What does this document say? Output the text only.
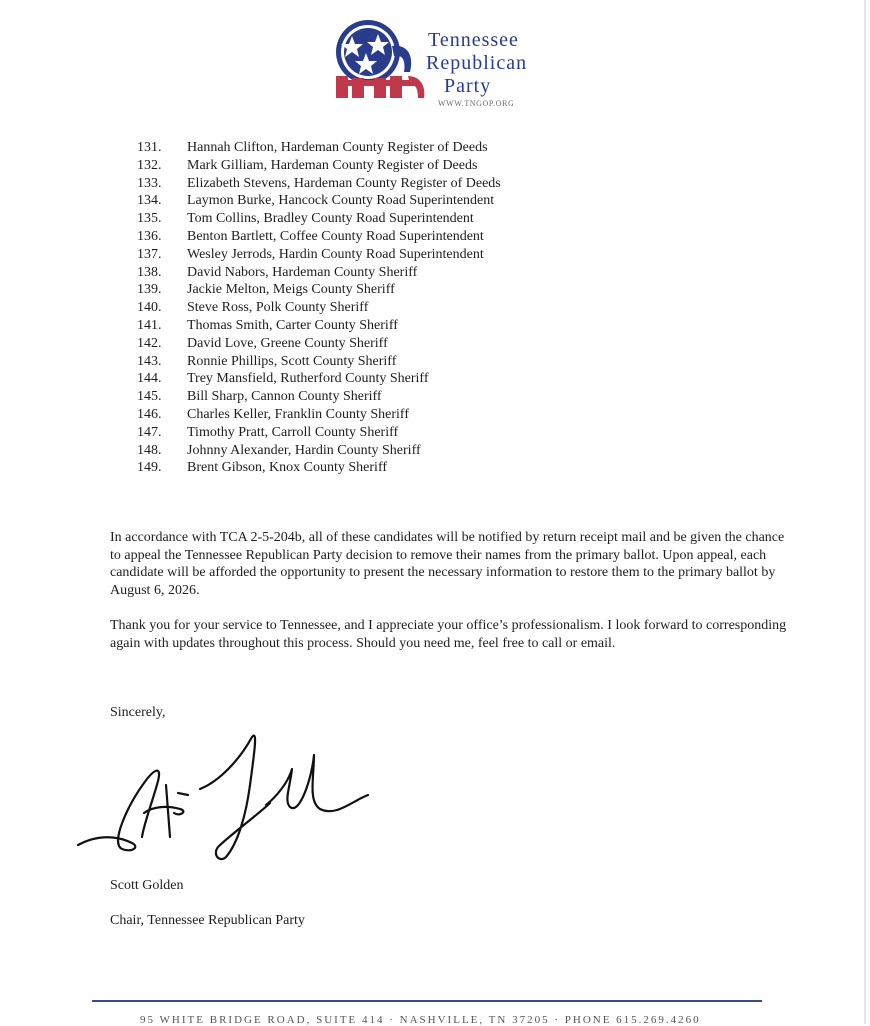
Tennessee
Republican
Party
WWW.TNGOP.ORG
131.	Hannah Clifton, Hardeman County Register of Deeds
132.	Mark Gilliam, Hardeman County Register of Deeds
133.	Elizabeth Stevens, Hardeman County Register of Deeds
134.	Laymon Burke, Hancock County Road Superintendent
135.	Tom Collins, Bradley County Road Superintendent
136.	Benton Bartlett, Coffee County Road Superintendent
137.	Wesley Jerrods, Hardin County Road Superintendent
138.	David Nabors, Hardeman County Sheriff
139.	Jackie Melton, Meigs County Sheriff
140.	Steve Ross, Polk County Sheriff
141.	Thomas Smith, Carter County Sheriff
142.	David Love, Greene County Sheriff
143.	Ronnie Phillips, Scott County Sheriff
144.	Trey Mansfield, Rutherford County Sheriff
145.	Bill Sharp, Cannon County Sheriff
146.	Charles Keller, Franklin County Sheriff
147.	Timothy Pratt, Carroll County Sheriff
148.	Johnny Alexander, Hardin County Sheriff
149.	Brent Gibson, Knox County Sheriff

In accordance with TCA 2-5-204b, all of these candidates will be notified by return receipt mail and be given the chance to appeal the Tennessee Republican Party decision to remove their names from the primary ballot. Upon appeal, each candidate will be afforded the opportunity to present the necessary information to restore them to the primary ballot by August 6, 2026.

Thank you for your service to Tennessee, and I appreciate your office’s professionalism. I look forward to corresponding again with updates throughout this process. Should you need me, feel free to call or email.

Sincerely,
Scott Golden
Chair, Tennessee Republican Party
95 WHITE BRIDGE ROAD, SUITE 414 · NASHVILLE, TN 37205 · PHONE 615.269.4260
